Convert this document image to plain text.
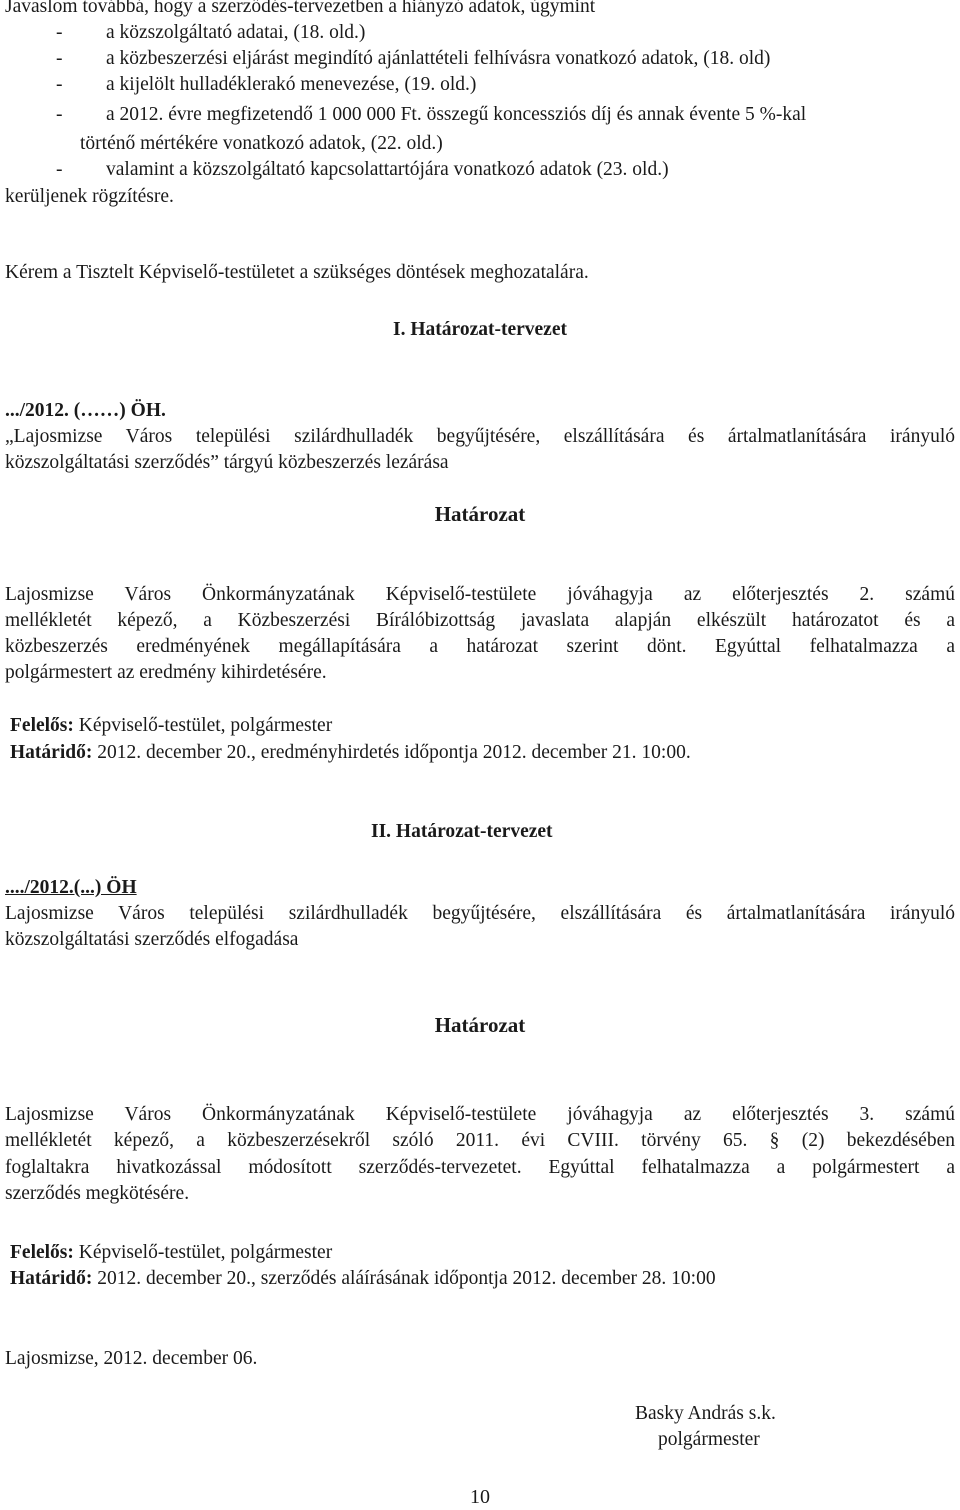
Javaslom továbbá, hogy a szerződés-tervezetben a hiányzó adatok, úgymint
- a közszolgáltató adatai, (18. old.)
- a közbeszerzési eljárást megindító ajánlattételi felhívásra vonatkozó adatok, (18. old)
- a kijelölt hulladéklerakó menevezése, (19. old.)
- a 2012. évre megfizetendő 1 000 000 Ft. összegű koncessziós díj és annak évente 5 %-kal
történő mértékére vonatkozó adatok, (22. old.)
- valamint a közszolgáltató kapcsolattartójára vonatkozó adatok (23. old.)
kerüljenek rögzítésre.
Kérem a Tisztelt Képviselő-testületet a szükséges döntések meghozatalára.
I. Határozat-tervezet
.../2012. (……) ÖH.
„Lajosmizse Város települési szilárdhulladék begyűjtésére, elszállítására és ártalmatlanítására irányuló
közszolgáltatási szerződés” tárgyú közbeszerzés lezárása
Határozat
Lajosmizse Város Önkormányzatának Képviselő-testülete jóváhagyja az előterjesztés 2. számú
mellékletét képező, a Közbeszerzési Bírálóbizottság javaslata alapján elkészült határozatot és a
közbeszerzés eredményének megállapítására a határozat szerint dönt. Egyúttal felhatalmazza a
polgármestert az eredmény kihirdetésére.
Felelős: Képviselő-testület, polgármester
Határidő: 2012. december 20., eredményhirdetés időpontja 2012. december 21. 10:00.
II. Határozat-tervezet
..../2012.(...) ÖH
Lajosmizse Város települési szilárdhulladék begyűjtésére, elszállítására és ártalmatlanítására irányuló
közszolgáltatási szerződés elfogadása
Határozat
Lajosmizse Város Önkormányzatának Képviselő-testülete jóváhagyja az előterjesztés 3. számú
mellékletét képező, a közbeszerzésekről szóló 2011. évi CVIII. törvény 65. § (2) bekezdésében
foglaltakra hivatkozással módosított szerződés-tervezetet. Egyúttal felhatalmazza a polgármestert a
szerződés megkötésére.
Felelős: Képviselő-testület, polgármester
Határidő: 2012. december 20., szerződés aláírásának időpontja 2012. december 28. 10:00
Lajosmizse, 2012. december 06.
Basky András s.k.
polgármester
10
